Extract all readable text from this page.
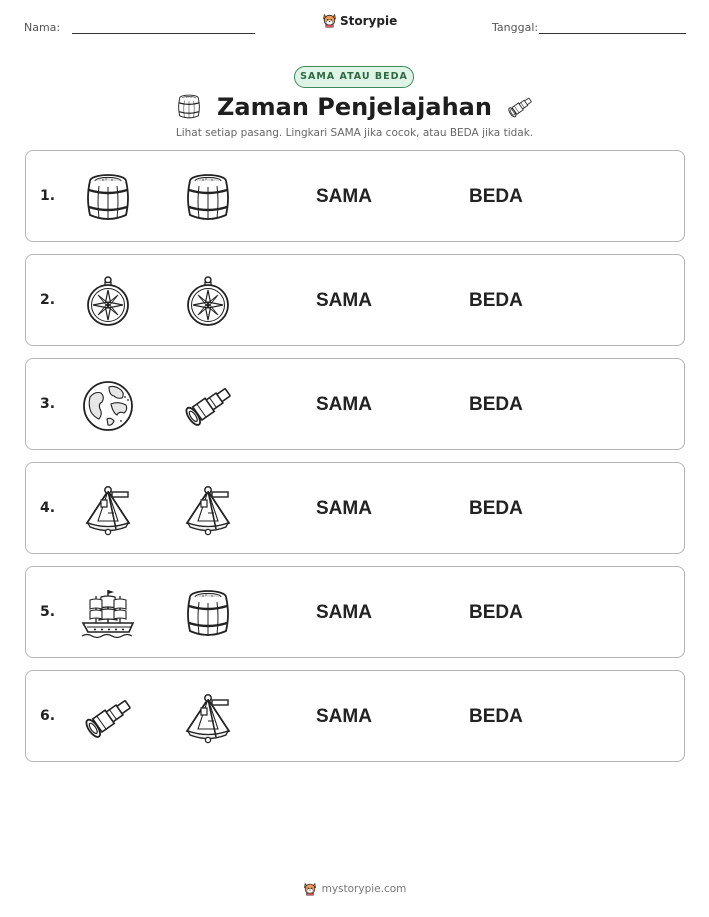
Nama:	Storypie	Tanggal:
SAMA ATAU BEDA
Zaman Penjelajahan
Lihat setiap pasang. Lingkari SAMA jika cocok, atau BEDA jika tidak.
1.	SAMA	BEDA
2.	SAMA	BEDA
3.	SAMA	BEDA
4.	SAMA	BEDA
5.	SAMA	BEDA
6.	SAMA	BEDA
mystorypie.com
